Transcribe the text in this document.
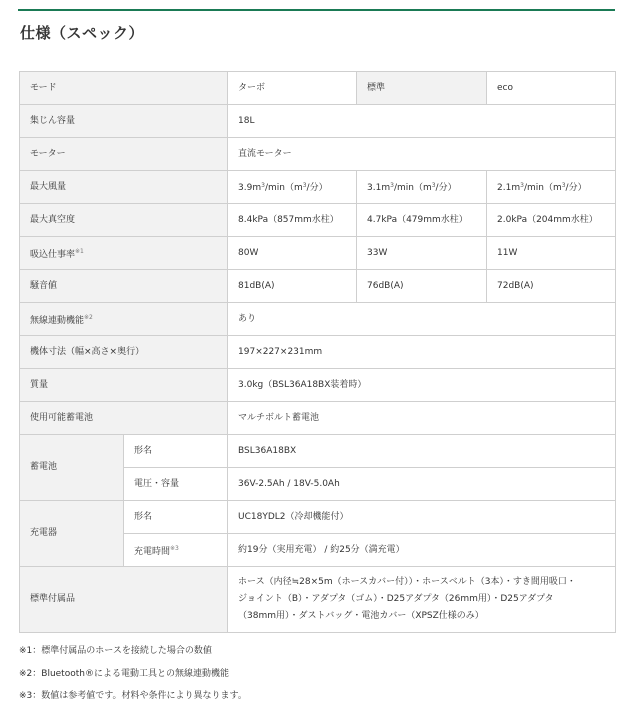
仕様（スペック）
モード		ターボ	標準	eco
集じん容量		18L		
モーター		直流モーター		
最大風量		$3.9m^3/\min(m^3/$分）	$3.1m^3/\min(m^3/$分）	$2.1m^3/\min(m^3/$分）
最大真空度		8.4kPa（857mm水柱）	4.7kPa（479mm水柱）	2.0kPa（204mm水柱）
吸込仕事率$^{※1}$		80W	33W	11W
騒音値		81dB(A)	76dB(A)	72dB(A)
無線連動機能$^{※2}$		あり		
機体寸法（幅×高さ×奥行）		197×227×231mm		
質量		3.0kg（BSL36A18BX装着時）		
使用可能蓄電池		マルチボルト蓄電池		
蓄電池	形名	BSL36A18BX		
	電圧・容量	36V-2.5Ah / 18V-5.0Ah		
充電器	形名	UC18YDL2（冷却機能付）		
	充電時間$^{※3}$	約19分（実用充電） / 約25分（満充電）		
標準付属品		ホース（内径≒28×5m（ホースカバー付））・ホースベルト（3本）・すき間用吸口・
ジョイント（B）・アダプタ（ゴム）・D25アダプタ（26mm用）・D25アダプタ
（38mm用）・ダストバッグ・電池カバー（XPSZ仕様のみ）		
※1：標準付属品のホースを接続した場合の数値
※2：Bluetooth®による電動工具との無線連動機能
※3：数値は参考値です。材料や条件により異なります。
